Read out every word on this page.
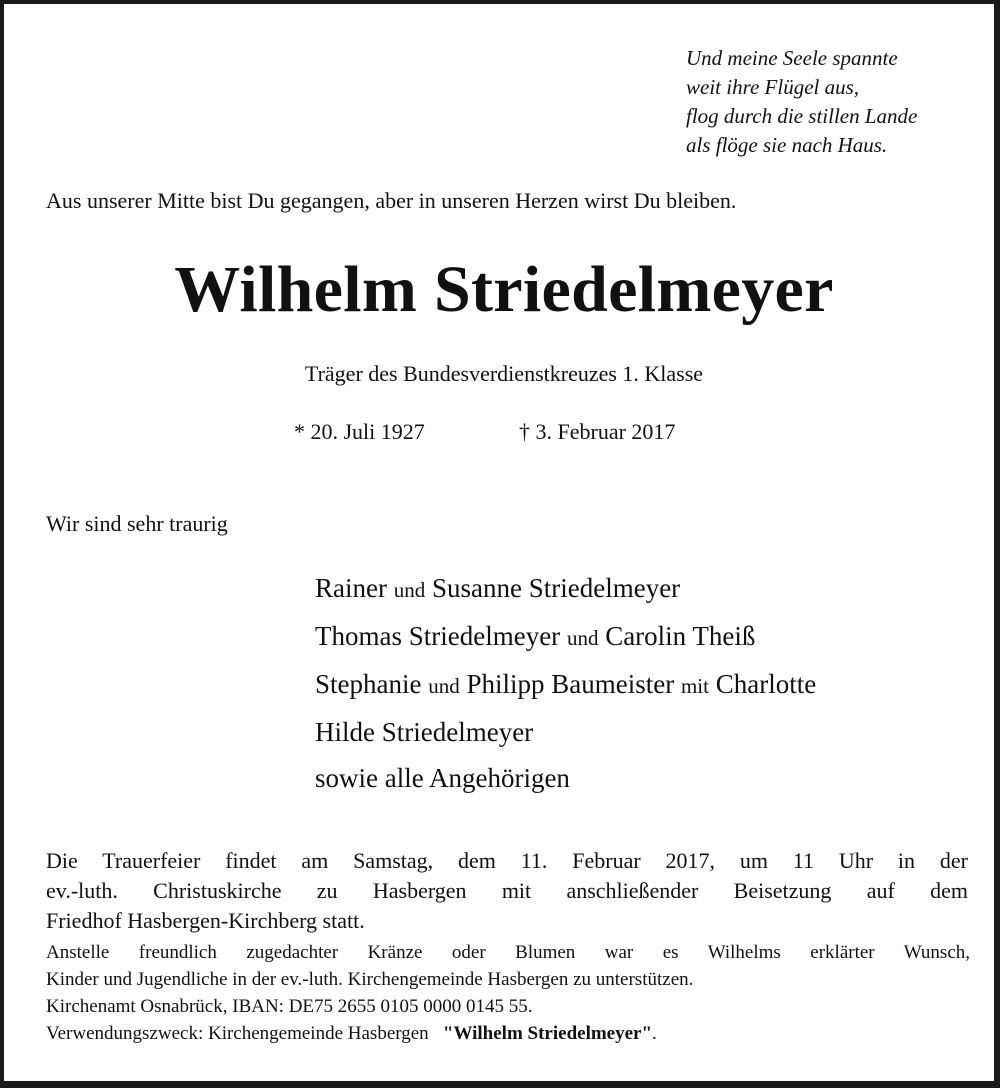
Und meine Seele spannte
weit ihre Flügel aus,
flog durch die stillen Lande
als flöge sie nach Haus.
Aus unserer Mitte bist Du gegangen, aber in unseren Herzen wirst Du bleiben.
Wilhelm Striedelmeyer
Träger des Bundesverdienstkreuzes 1. Klasse
* 20. Juli 1927	† 3. Februar 2017
Wir sind sehr traurig
Rainer und Susanne Striedelmeyer
Thomas Striedelmeyer und Carolin Theiß
Stephanie und Philipp Baumeister mit Charlotte
Hilde Striedelmeyer
sowie alle Angehörigen
Die Trauerfeier findet am Samstag, dem 11. Februar 2017, um 11 Uhr in der
ev.-luth. Christuskirche zu Hasbergen mit anschließender Beisetzung auf dem
Friedhof Hasbergen-Kirchberg statt.
Anstelle freundlich zugedachter Kränze oder Blumen war es Wilhelms erklärter Wunsch,
Kinder und Jugendliche in der ev.-luth. Kirchengemeinde Hasbergen zu unterstützen.
Kirchenamt Osnabrück, IBAN: DE75 2655 0105 0000 0145 55.
Verwendungszweck: Kirchengemeinde Hasbergen "Wilhelm Striedelmeyer".
